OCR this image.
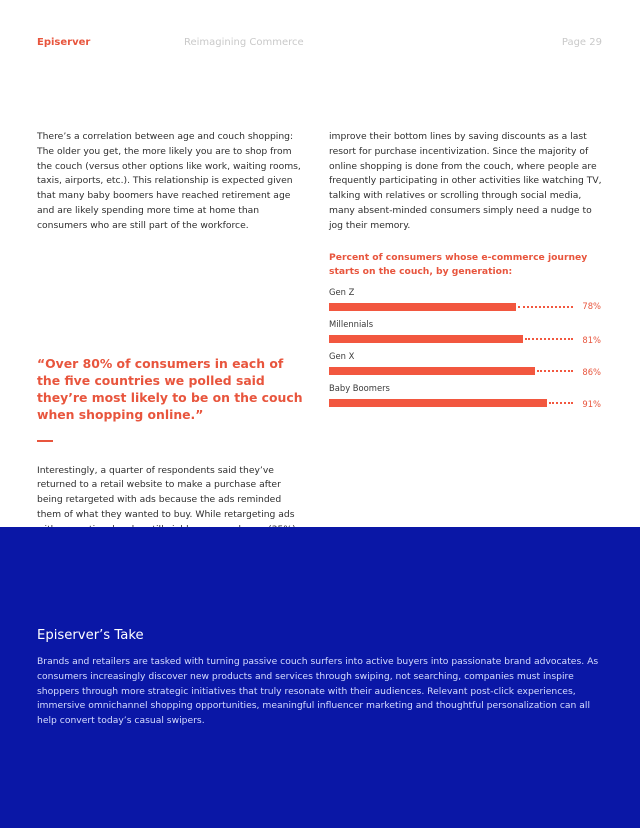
Episerver	Reimagining Commerce	Page 29

There’s a correlation between age and couch shopping: The older you get, the more likely you are to shop from the couch (versus other options like work, waiting rooms, taxis, airports, etc.). This relationship is expected given that many baby boomers have reached retirement age and are likely spending more time at home than consumers who are still part of the workforce.

“Over 80% of consumers in each of the five countries we polled said they’re most likely to be on the couch when shopping online.”

Interestingly, a quarter of respondents said they’ve returned to a retail website to make a purchase after being retargeted with ads because the ads reminded them of what they wanted to buy. While retargeting ads

improve their bottom lines by saving discounts as a last resort for purchase incentivization. Since the majority of online shopping is done from the couch, where people are frequently participating in other activities like watching TV, talking with relatives or scrolling through social media, many absent-minded consumers simply need a nudge to jog their memory.

Percent of consumers whose e-commerce journey starts on the couch, by generation:

Gen Z
78%
Millennials
81%
Gen X
86%
Baby Boomers
91%
Episerver’s Take

Brands and retailers are tasked with turning passive couch surfers into active buyers into passionate brand advocates. As consumers increasingly discover new products and services through swiping, not searching, companies must inspire shoppers through more strategic initiatives that truly resonate with their audiences. Relevant post-click experiences, immersive omnichannel shopping opportunities, meaningful influencer marketing and thoughtful personalization can all help convert today’s casual swipers.
